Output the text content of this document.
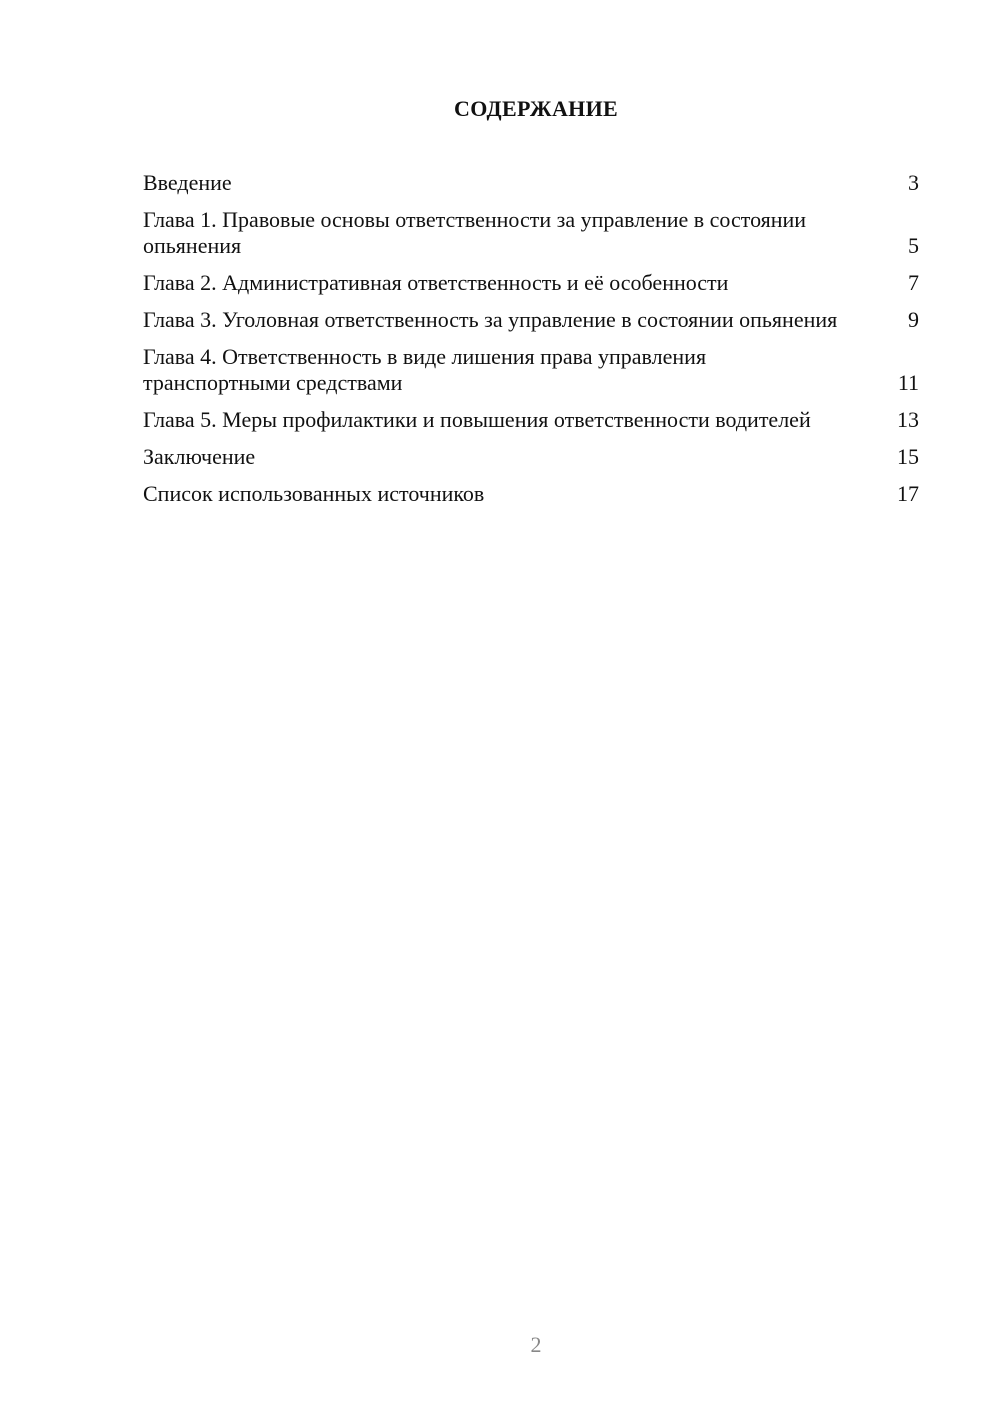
СОДЕРЖАНИЕ
Введение	3
Глава 1. Правовые основы ответственности за управление в состоянии опьянения	5
Глава 2. Административная ответственность и её особенности	7
Глава 3. Уголовная ответственность за управление в состоянии опьянения	9
Глава 4. Ответственность в виде лишения права управления транспортными средствами	11
Глава 5. Меры профилактики и повышения ответственности водителей	13
Заключение	15
Список использованных источников	17
2
